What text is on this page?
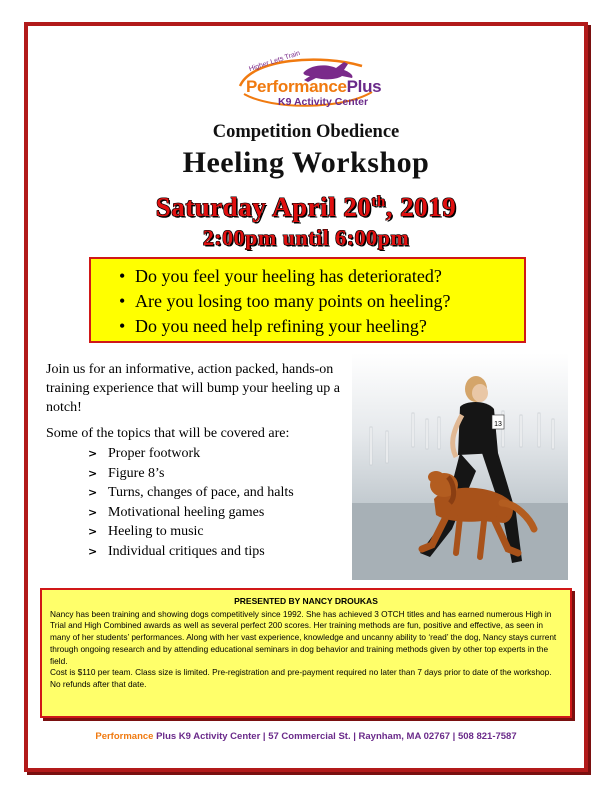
Higher Lets Train
PerformancePlus
K9 Activity Center
Competition Obedience
Heeling Workshop
Saturday April 20th, 2019
2:00pm until 6:00pm
• Do you feel your heeling has deteriorated?
• Are you losing too many points on heeling?
• Do you need help refining your heeling?
Join us for an informative, action packed, hands-on training experience that will bump your heeling up a notch!
Some of the topics that will be covered are:
> Proper footwork
> Figure 8’s
> Turns, changes of pace, and halts
> Motivational heeling games
> Heeling to music
> Individual critiques and tips
13
PRESENTED BY NANCY DROUKAS
Nancy has been training and showing dogs competitively since 1992. She has achieved 3 OTCH titles and has earned numerous High in Trial and High Combined awards as well as several perfect 200 scores. Her training methods are fun, positive and effective, as seen in many of her students’ performances. Along with her vast experience, knowledge and uncanny ability to ‘read’ the dog, Nancy stays current through ongoing research and by attending educational seminars in dog behavior and training methods given by other top experts in the field.
Cost is $110 per team. Class size is limited. Pre-registration and pre-payment required no later than 7 days prior to date of the workshop. No refunds after that date.
Performance Plus K9 Activity Center | 57 Commercial St. | Raynham, MA 02767 | 508 821-7587
